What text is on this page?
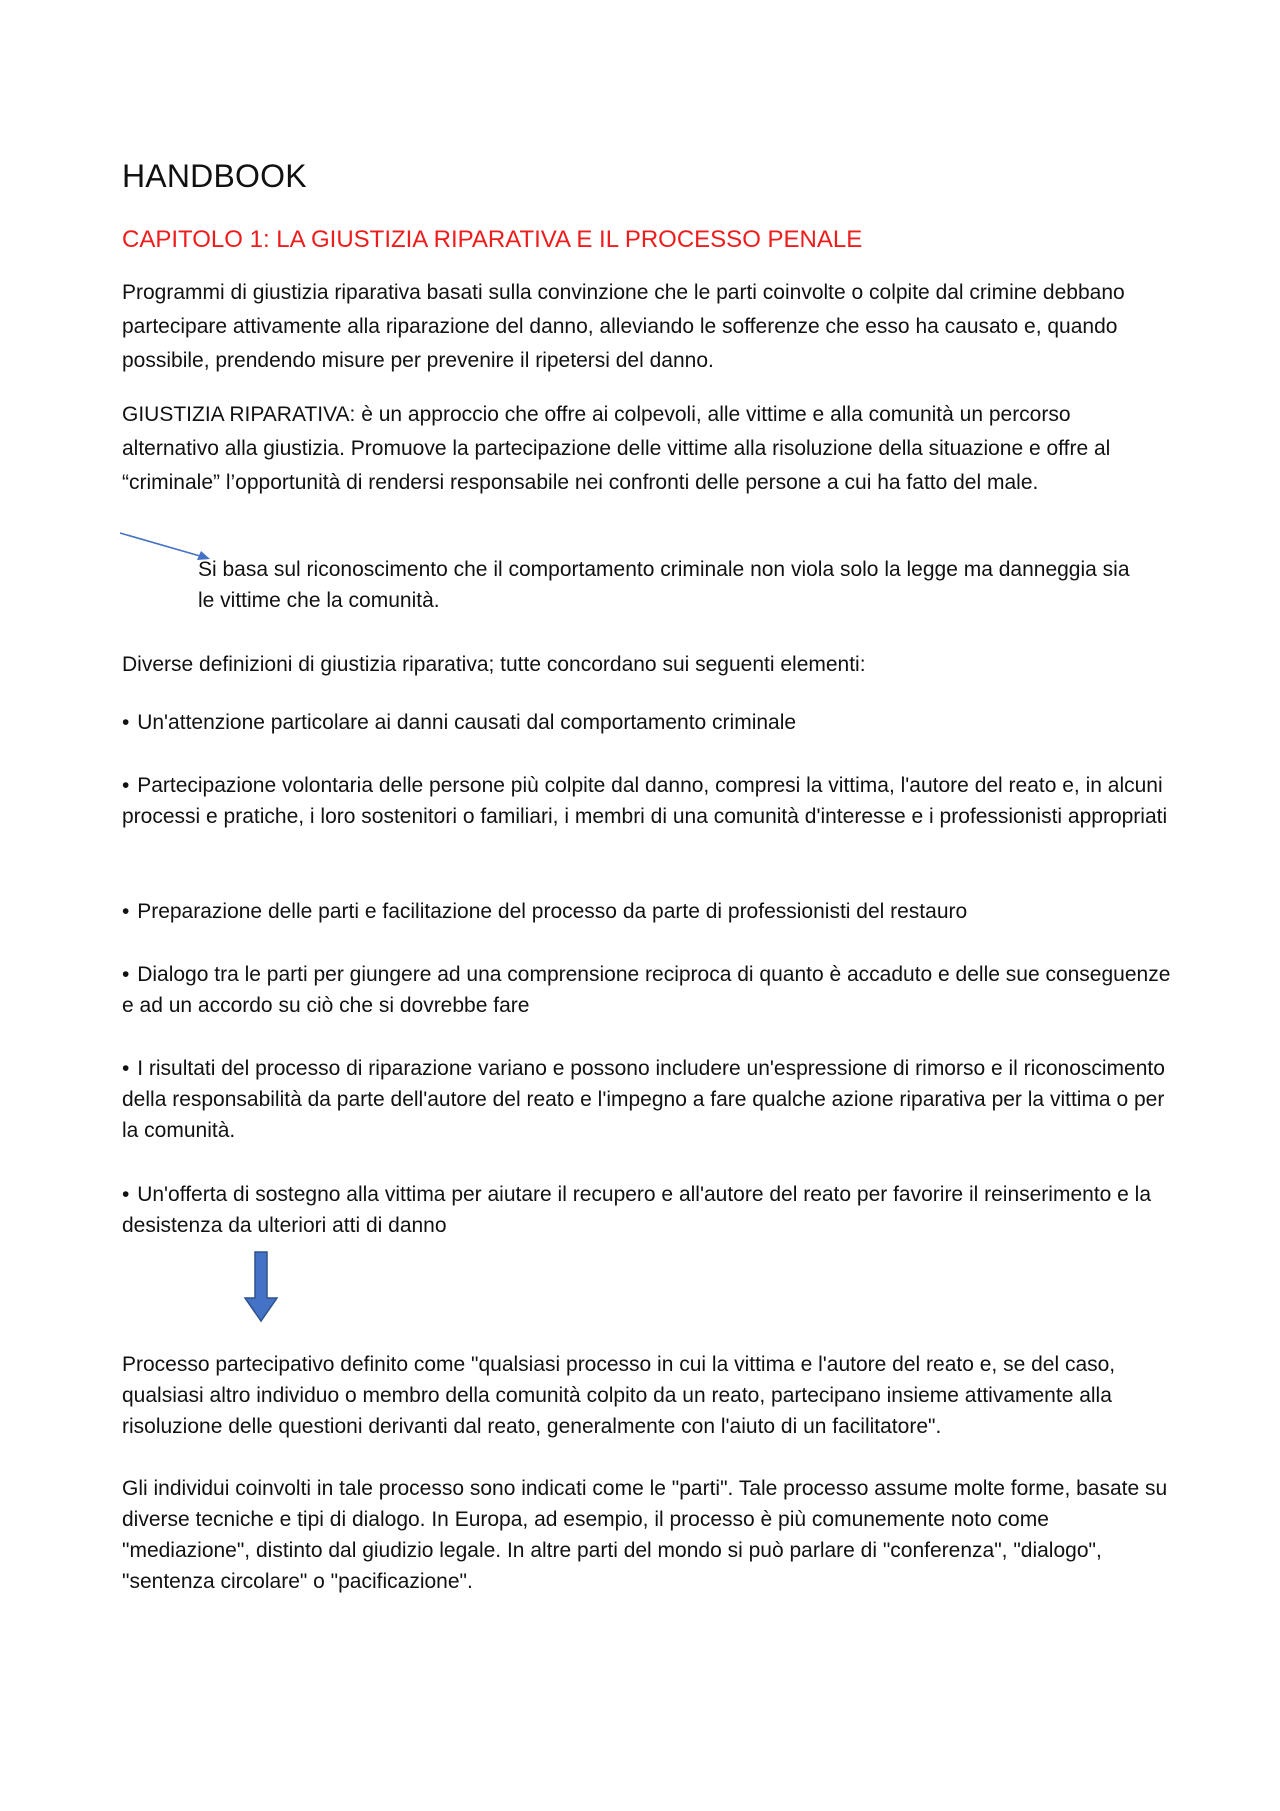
HANDBOOK
CAPITOLO 1: LA GIUSTIZIA RIPARATIVA E IL PROCESSO PENALE

Programmi di giustizia riparativa basati sulla convinzione che le parti coinvolte o colpite dal crimine debbano partecipare attivamente alla riparazione del danno, alleviando le sofferenze che esso ha causato e, quando possibile, prendendo misure per prevenire il ripetersi del danno.

GIUSTIZIA RIPARATIVA: è un approccio che offre ai colpevoli, alle vittime e alla comunità un percorso alternativo alla giustizia. Promuove la partecipazione delle vittime alla risoluzione della situazione e offre al “criminale” l’opportunità di rendersi responsabile nei confronti delle persone a cui ha fatto del male.

Si basa sul riconoscimento che il comportamento criminale non viola solo la legge ma danneggia sia le vittime che la comunità.

Diverse definizioni di giustizia riparativa; tutte concordano sui seguenti elementi:

• Un'attenzione particolare ai danni causati dal comportamento criminale

• Partecipazione volontaria delle persone più colpite dal danno, compresi la vittima, l'autore del reato e, in alcuni processi e pratiche, i loro sostenitori o familiari, i membri di una comunità d'interesse e i professionisti appropriati

• Preparazione delle parti e facilitazione del processo da parte di professionisti del restauro

• Dialogo tra le parti per giungere ad una comprensione reciproca di quanto è accaduto e delle sue conseguenze e ad un accordo su ciò che si dovrebbe fare

• I risultati del processo di riparazione variano e possono includere un'espressione di rimorso e il riconoscimento della responsabilità da parte dell'autore del reato e l'impegno a fare qualche azione riparativa per la vittima o per la comunità.

• Un'offerta di sostegno alla vittima per aiutare il recupero e all'autore del reato per favorire il reinserimento e la desistenza da ulteriori atti di danno

Processo partecipativo definito come "qualsiasi processo in cui la vittima e l'autore del reato e, se del caso, qualsiasi altro individuo o membro della comunità colpito da un reato, partecipano insieme attivamente alla risoluzione delle questioni derivanti dal reato, generalmente con l'aiuto di un facilitatore".

Gli individui coinvolti in tale processo sono indicati come le "parti". Tale processo assume molte forme, basate su diverse tecniche e tipi di dialogo. In Europa, ad esempio, il processo è più comunemente noto come "mediazione", distinto dal giudizio legale. In altre parti del mondo si può parlare di "conferenza", "dialogo", "sentenza circolare" o "pacificazione".
